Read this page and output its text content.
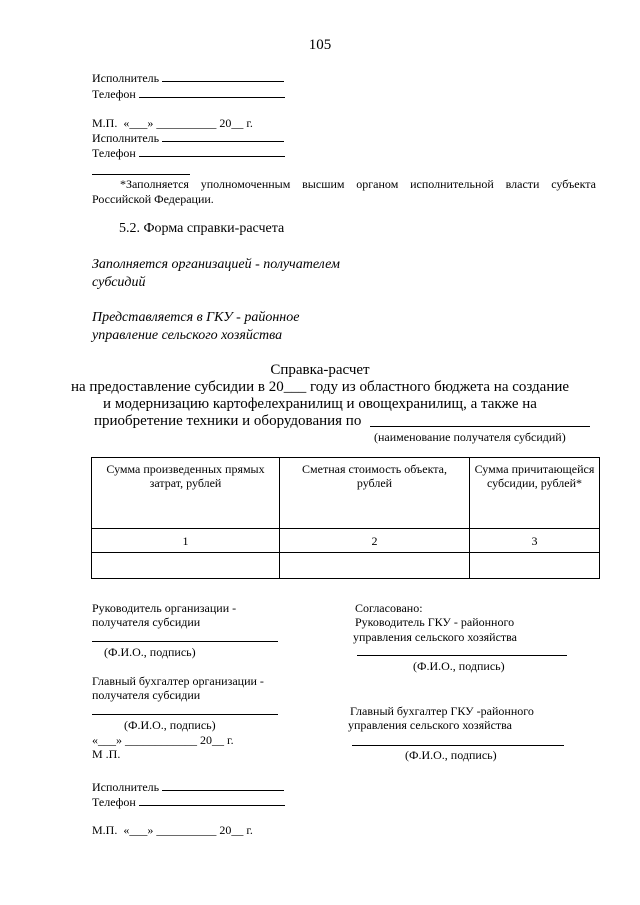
105
Исполнитель
Телефон
М.П. «___» __________ 20__ г.
Исполнитель
Телефон
*Заполняется уполномоченным высшим органом исполнительной власти субъекта Российской Федерации.
5.2. Форма справки-расчета
Заполняется организацией - получателем
субсидий
Представляется в ГКУ - районное
управление сельского хозяйства
Справка-расчет
на предоставление субсидии в 20___ году из областного бюджета на создание
и модернизацию картофелехранилищ и овощехранилищ, а также на
приобретение техники и оборудования по
(наименование получателя субсидий)
Сумма произведенных прямых затрат, рублей	Сметная стоимость объекта, рублей	Сумма причитающейся субсидии, рублей*
1	2	3

Руководитель организации -
получателя субсидии
(Ф.И.О., подпись)
Главный бухгалтер организации -
получателя субсидии
(Ф.И.О., подпись)
«___» ____________ 20__ г.
М .П.
Согласовано:
Руководитель ГКУ - районного
управления сельского хозяйства
(Ф.И.О., подпись)
Главный бухгалтер ГКУ -районного
управления сельского хозяйства
(Ф.И.О., подпись)
Исполнитель
Телефон
М.П. «___» __________ 20__ г.
